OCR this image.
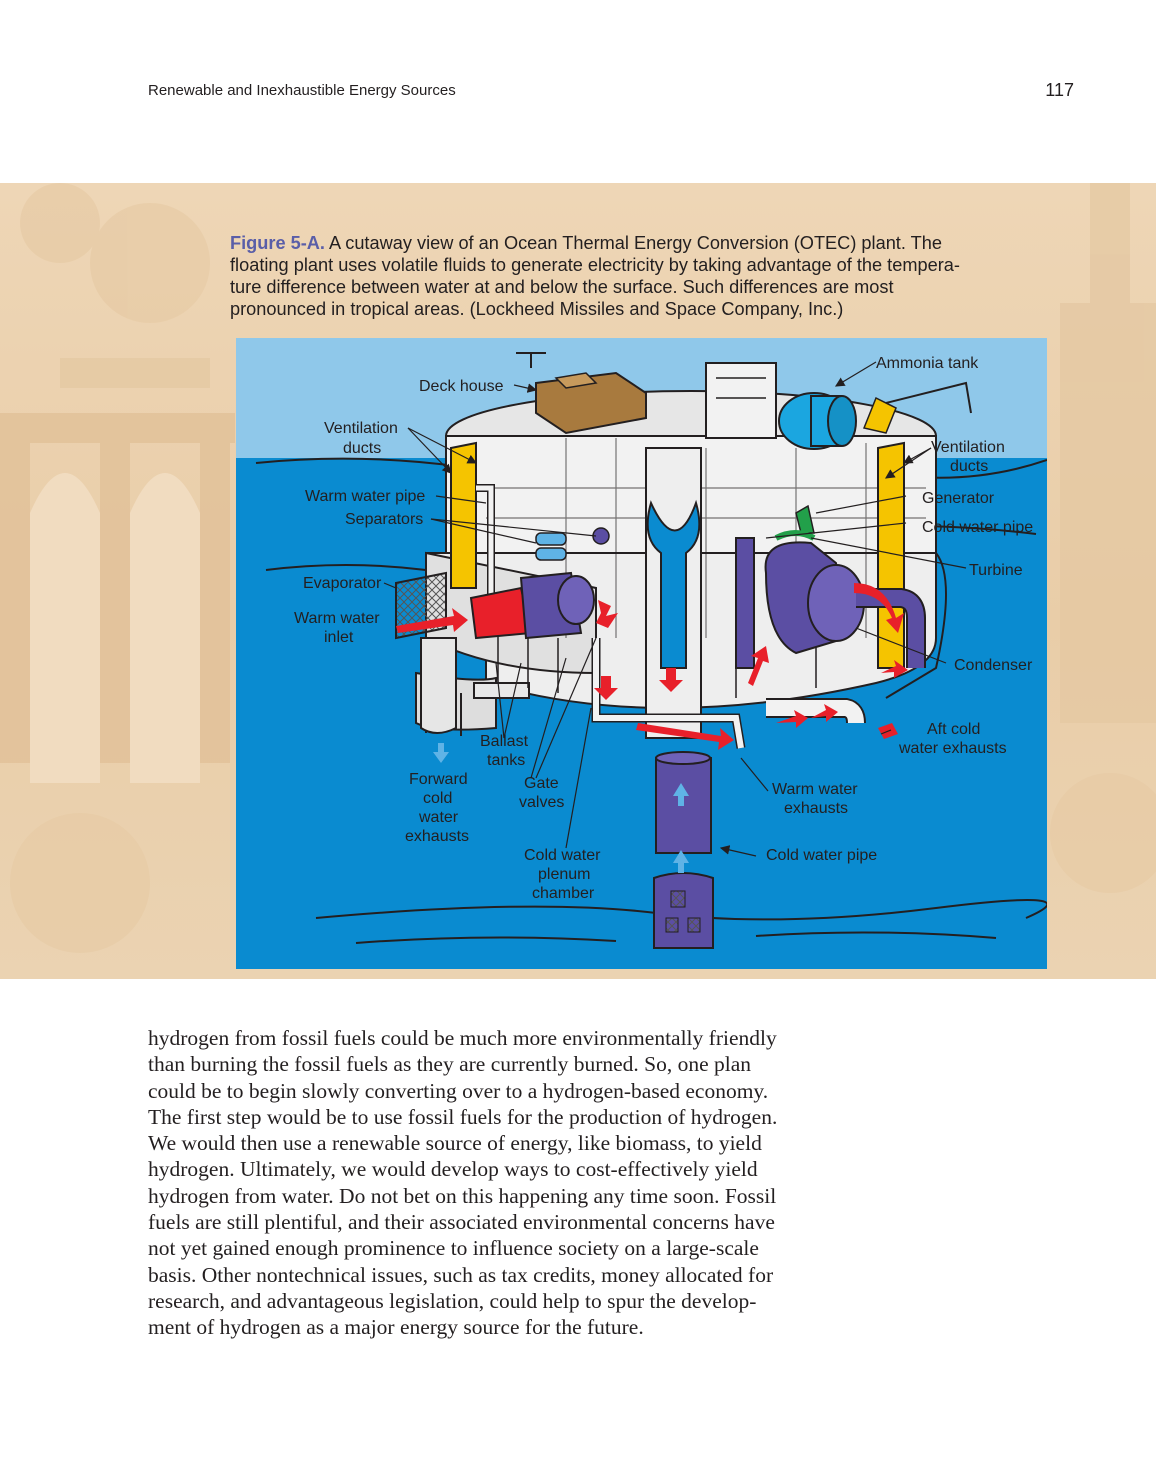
Renewable and Inexhaustible Energy Sources	117
Figure 5-A. A cutaway view of an Ocean Thermal Energy Conversion (OTEC) plant. The
floating plant uses volatile fluids to generate electricity by taking advantage of the tempera-
ture difference between water at and below the surface. Such differences are most
pronounced in tropical areas. (Lockheed Missiles and Space Company, Inc.)
Ammonia tank
Deck house
Ventilation
ducts	Ventilation
ducts
Warm water pipe
Separators
Generator
Cold water pipe
Turbine
Evaporator
Warm water
inlet
Condenser
Aft cold
water exhausts
Ballast
tanks
Forward
cold
water
exhausts
Gate
valves
Warm water
exhausts
Cold water
plenum
chamber
Cold water pipe

hydrogen from fossil fuels could be much more environmentally friendly

than burning the fossil fuels as they are currently burned. So, one plan

could be to begin slowly converting over to a hydrogen-based economy.

The first step would be to use fossil fuels for the production of hydrogen.

We would then use a renewable source of energy, like biomass, to yield

hydrogen. Ultimately, we would develop ways to cost-effectively yield

hydrogen from water. Do not bet on this happening any time soon. Fossil

fuels are still plentiful, and their associated environmental concerns have

not yet gained enough prominence to influence society on a large-scale

basis. Other nontechnical issues, such as tax credits, money allocated for

research, and advantageous legislation, could help to spur the develop-

ment of hydrogen as a major energy source for the future.
